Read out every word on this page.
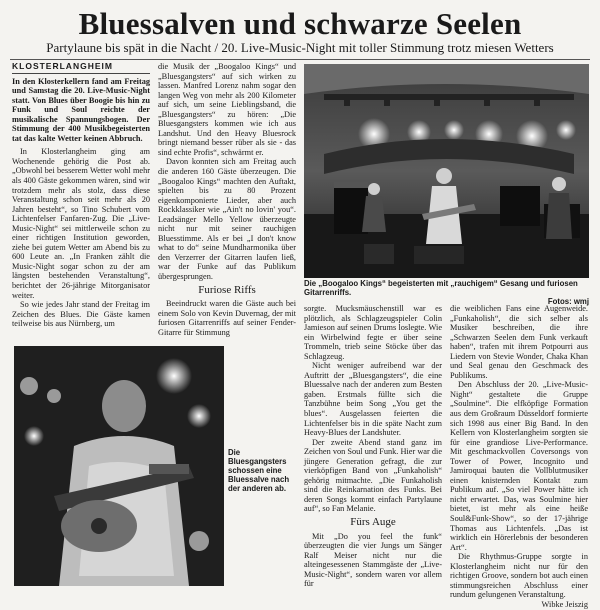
Bluessalven und schwarze Seelen
Partylaune bis spät in die Nacht / 20. Live-Music-Night mit toller Stimmung trotz miesen Wetters
KLOSTERLANGHEIM

In den Klosterkellern fand am Freitag und Samstag die 20. Live-Music-Night statt. Von Blues über Boogie bis hin zu Funk und Soul reichte der musikalische Spannungsbogen. Der Stimmung der 400 Musikbegeisterten tat das kalte Wetter keinen Abbruch.

In Klosterlangheim ging am Wochenende gehörig die Post ab. „Obwohl bei besserem Wetter wohl mehr als 400 Gäste gekommen wären, sind wir trotzdem mehr als stolz, dass diese Veranstaltung schon seit mehr als 20 Jahren besteht“, so Tino Schubert vom Lichtenfelser Fanfaren-Zug. Die „Live-Music-Night“ sei mittlerweile schon zu einer richtigen Institution geworden, ziehe bei gutem Wetter am Abend bis zu 600 Leute an. „In Franken zählt die Music-Night sogar schon zu der am längsten bestehenden Veranstaltung“, berichtet der 26-jährige Mitorganisator weiter.

So wie jedes Jahr stand der Freitag im Zeichen des Blues. Die Gäste kamen teilweise bis aus Nürnberg, um

die Musik der „Boogaloo Kings“ und „Bluesgangsters“ auf sich wirken zu lassen. Manfred Lorenz nahm sogar den langen Weg von mehr als 200 Kilometer auf sich, um seine Lieblingsband, die „Bluesgangsters“ zu hören: „Die Bluesgangsters kommen wie ich aus Landshut. Und den Heavy Bluesrock bringt niemand besser rüber als sie - das sind echte Profis“, schwärmt er.

Davon konnten sich am Freitag auch die anderen 160 Gäste überzeugen. Die „Boogaloo Kings“ machten den Auftakt, spielten bis zu 80 Prozent eigenkomponierte Lieder, aber auch Rockklassiker wie „Ain't no lovin' you“. Leadsänger Mello Yellow überzeugte nicht nur mit seiner rauchigen Bluesstimme. Als er bei „I don't know what to do“ seine Mundharmonika über den Verzerrer der Gitarren laufen ließ, war der Funke auf das Publikum übergesprungen.

Furiose Riffs

Beeindruckt waren die Gäste auch bei einem Solo von Kevin Duvernag, der mit furiosen Gitarrenriffs auf seiner Fender-Gitarre für Stimmung

Die „Boogaloo Kings“ begeisterten mit „rauchigem“ Gesang und furiosen Gitarrenriffs.
Fotos: wmj

sorgte. Mucksmäuschenstill war es plötzlich, als Schlagzeugspieler Colin Jamieson auf seinen Drums loslegte. Wie ein Wirbelwind fegte er über seine Trommeln, trieb seine Stöcke über das Schlagzeug.

Nicht weniger aufreibend war der Auftritt der „Bluesgangsters“, die eine Bluessalve nach der anderen zum Besten gaben. Erstmals füllte sich die Tanzbühne beim Song „You get the blues“. Ausgelassen feierten die Lichtenfelser bis in die späte Nacht zum Heavy-Blues der Landshuter.

Der zweite Abend stand ganz im Zeichen von Soul und Funk. Hier war die jüngere Generation gefragt, die zur vierköpfigen Band von „Funkaholish“ gehörig mitmachte. „Die Funkaholish sind die Reinkarnation des Funks. Bei deren Songs kommt einfach Partylaune auf“, so Fan Melanie.

Fürs Auge

Mit „Do you feel the funk“ überzeugten die vier Jungs um Sänger Ralf Meiser nicht nur die alteingesessenen Stammgäste der „Live-Music-Night“, sondern waren vor allem für

die weiblichen Fans eine Augenweide. „Funkaholish“, die sich selber als Musiker beschreiben, die ihre „Schwarzen Seelen dem Funk verkauft haben“, trafen mit ihrem Potpourri aus Liedern von Stevie Wonder, Chaka Khan und Seal genau den Geschmack des Publikums.

Den Abschluss der 20. „Live-Music-Night“ gestaltete die Gruppe „Soulmine“. Die elfköpfige Formation aus dem Großraum Düsseldorf formierte sich 1998 aus einer Big Band. In den Kellern von Klosterlangheim sorgten sie für eine grandiose Live-Performance. Mit geschmackvollen Coversongs von Tower of Power, Incognito und Jamiroquai bauten die Vollblutmusiker einen knisternden Kontakt zum Publikum auf. „So viel Power hätte ich nicht erwartet. Das, was Soulmine hier bietet, ist mehr als eine heiße Soul&Funk-Show“, so der 17-jährige Thomas aus Lichtenfels. „Das ist wirklich ein Hörerlebnis der besonderen Art“.

Die Rhythmus-Gruppe sorgte in Klosterlangheim nicht nur für den richtigen Groove, sondern bot auch einen stimmungsreichen Abschluss einer rundum gelungenen Veranstaltung.

Wibke Jeiszig
Die Bluesgangsters schossen eine Bluessalve nach der anderen ab.
